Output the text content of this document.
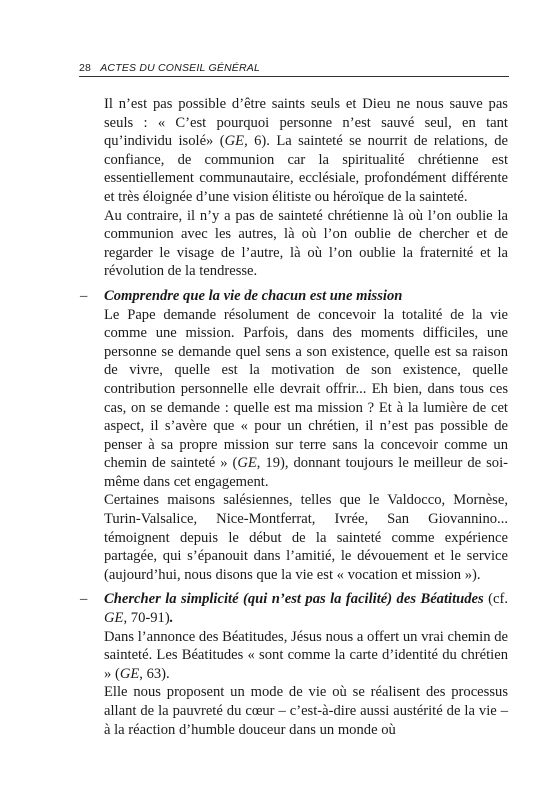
28 ACTES DU CONSEIL GÉNÉRAL

Il n’est pas possible d’être saints seuls et Dieu ne nous sauve pas seuls : « C’est pourquoi personne n’est sauvé seul, en tant qu’individu isolé» (GE, 6). La sainteté se nourrit de relations, de confiance, de communion car la spiritualité chrétienne est essentiellement communautaire, ecclésiale, profondément différente et très éloignée d’une vision élitiste ou héroïque de la sainteté.

Au contraire, il n’y a pas de sainteté chrétienne là où l’on oublie la communion avec les autres, là où l’on oublie de chercher et de regarder le visage de l’autre, là où l’on oublie la fraternité et la révolution de la tendresse.

– Comprendre que la vie de chacun est une mission

Le Pape demande résolument de concevoir la totalité de la vie comme une mission. Parfois, dans des moments difficiles, une personne se demande quel sens a son existence, quelle est sa raison de vivre, quelle est la motivation de son existence, quelle contribution personnelle elle devrait offrir... Eh bien, dans tous ces cas, on se demande : quelle est ma mission ? Et à la lumière de cet aspect, il s’avère que « pour un chrétien, il n’est pas possible de penser à sa propre mission sur terre sans la concevoir comme un chemin de sainteté » (GE, 19), donnant toujours le meilleur de soi-même dans cet engagement.

Certaines maisons salésiennes, telles que le Valdocco, Mornèse, Turin-Valsalice, Nice-Montferrat, Ivrée, San Giovannino... témoignent depuis le début de la sainteté comme expérience partagée, qui s’épanouit dans l’amitié, le dévouement et le service (aujourd’hui, nous disons que la vie est « vocation et mission »).

– Chercher la simplicité (qui n’est pas la facilité) des Béatitudes (cf. GE, 70-91).

Dans l’annonce des Béatitudes, Jésus nous a offert un vrai chemin de sainteté. Les Béatitudes « sont comme la carte d’identité du chrétien » (GE, 63).

Elle nous proposent un mode de vie où se réalisent des processus allant de la pauvreté du cœur – c’est-à-dire aussi austérité de la vie – à la réaction d’humble douceur dans un monde où
